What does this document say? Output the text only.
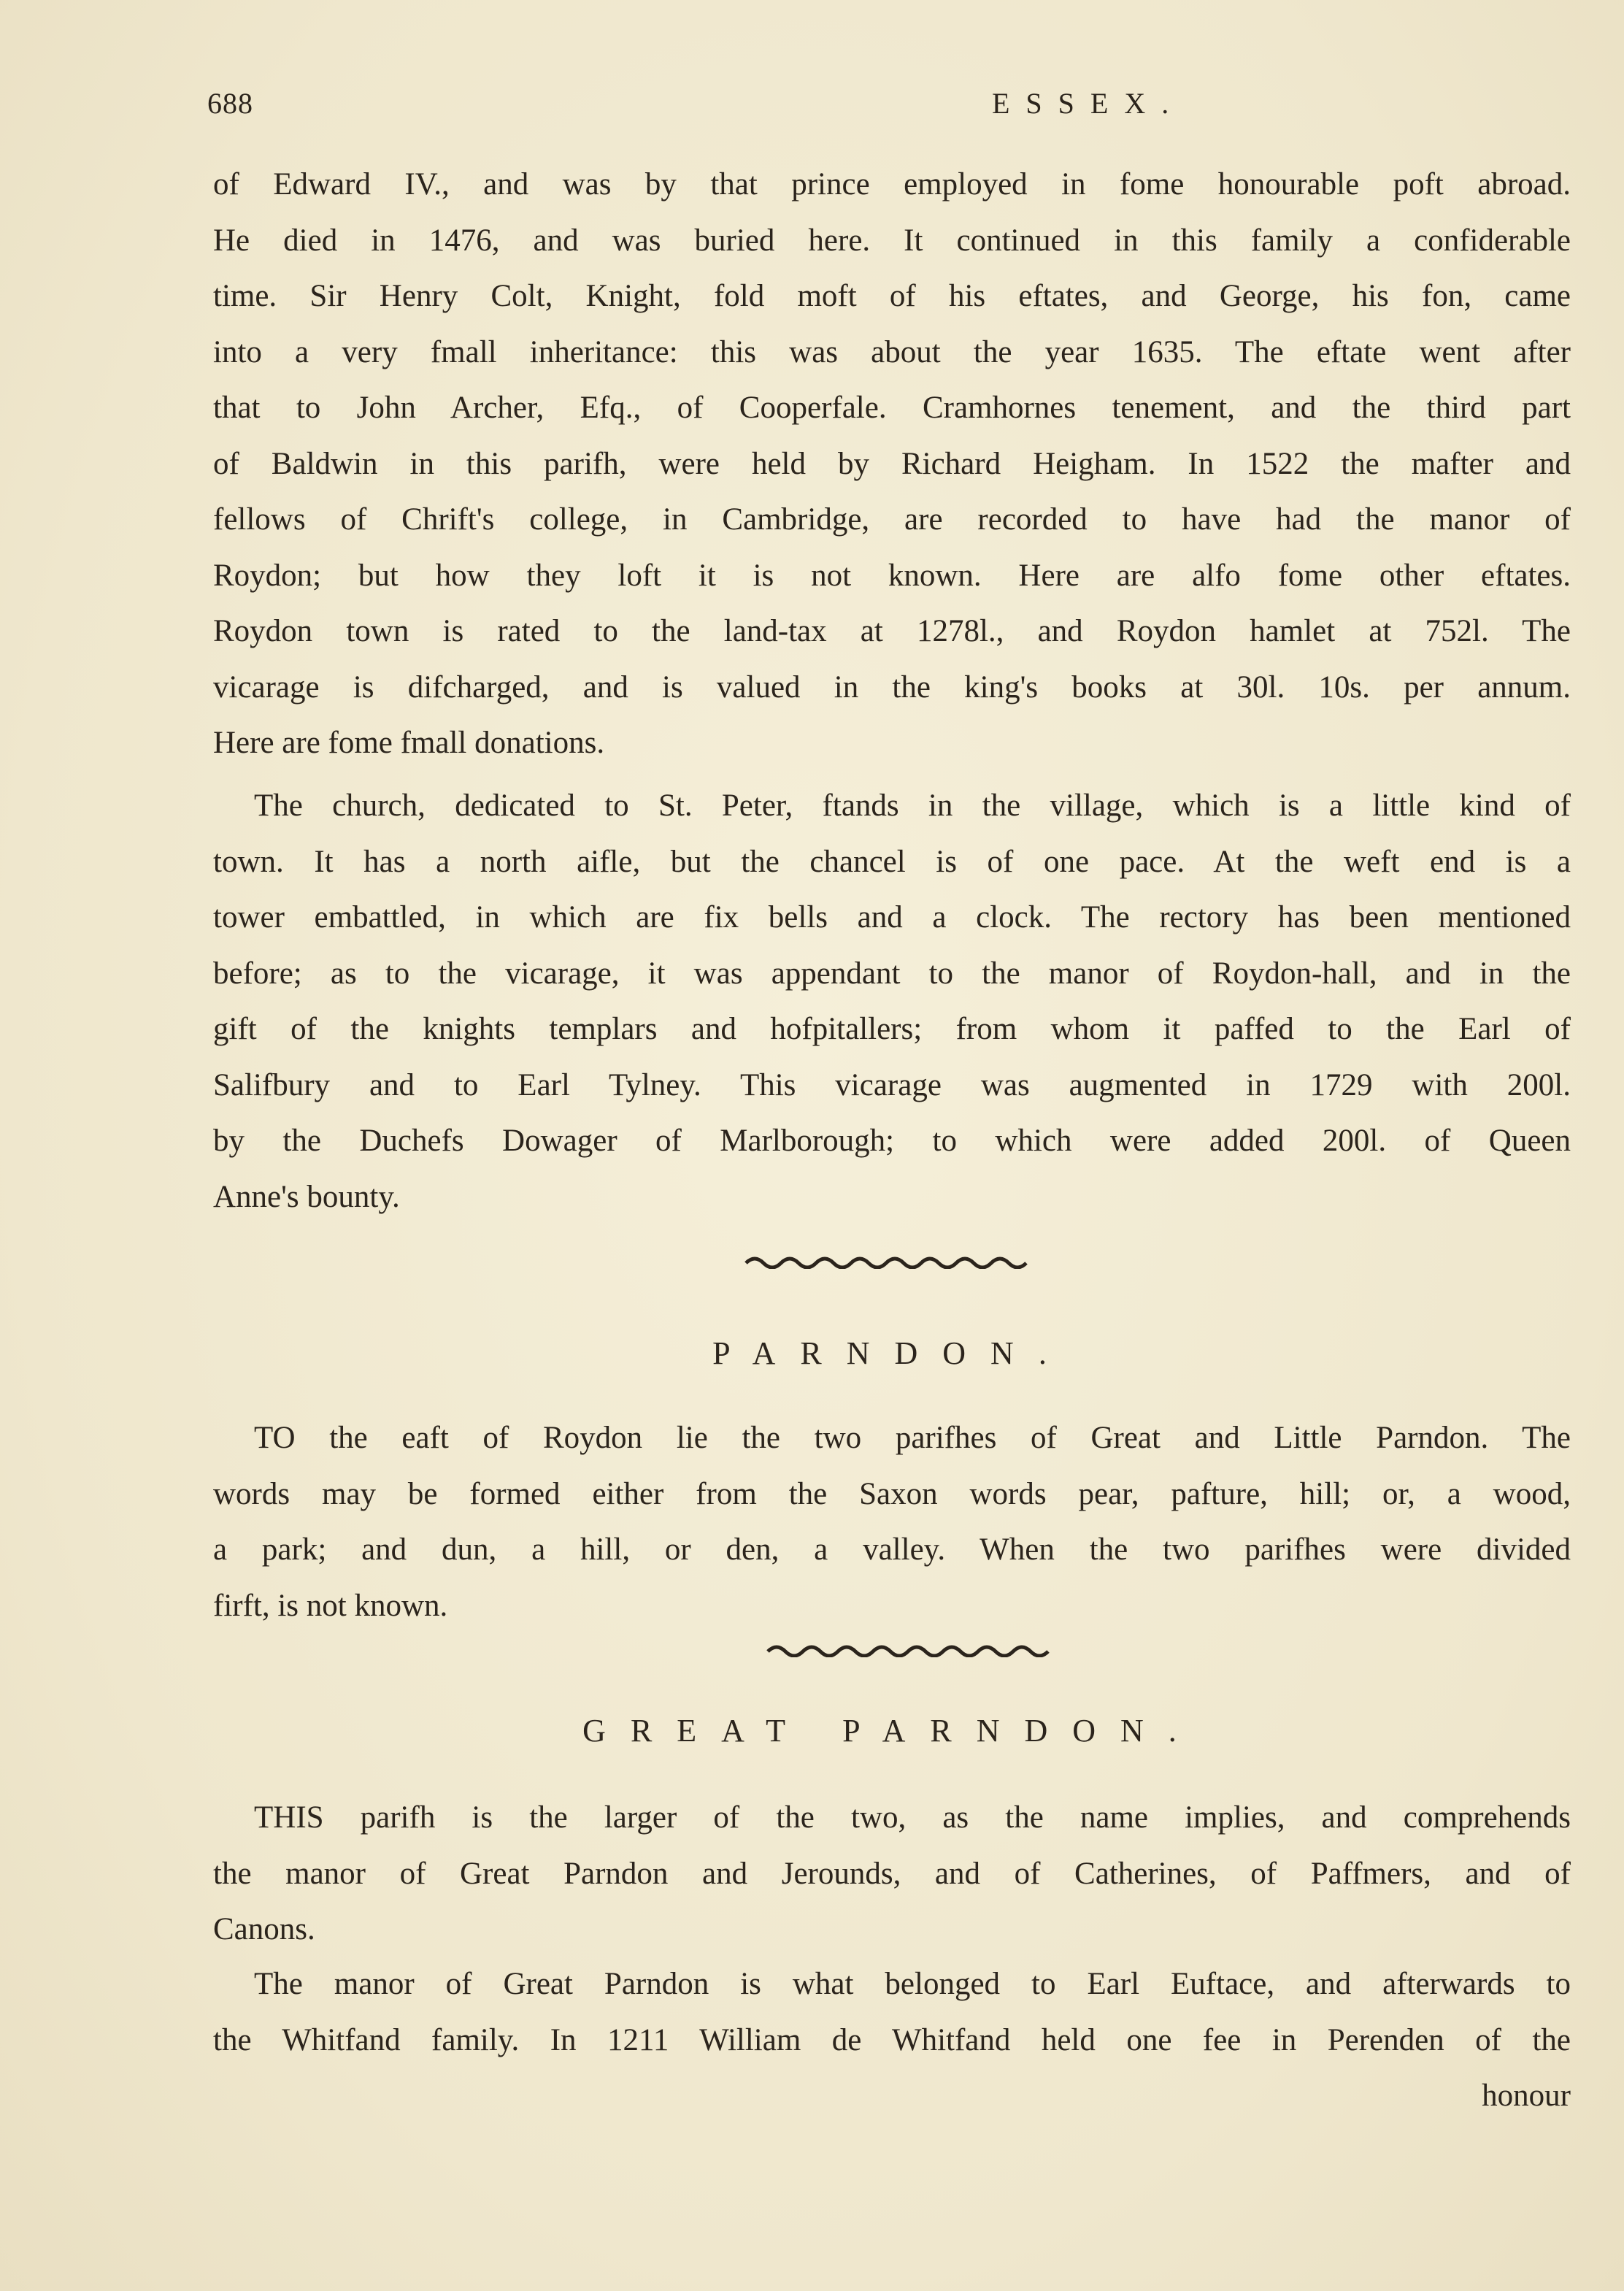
688	ESSEX.
of Edward IV., and was by that prince employed in fome honourable poft abroad.
He died in 1476, and was buried here. It continued in this family a confiderable
time. Sir Henry Colt, Knight, fold moft of his eftates, and George, his fon, came
into a very fmall inheritance: this was about the year 1635. The eftate went after
that to John Archer, Efq., of Cooperfale. Cramhornes tenement, and the third part
of Baldwin in this parifh, were held by Richard Heigham. In 1522 the mafter and
fellows of Chrift's college, in Cambridge, are recorded to have had the manor of
Roydon; but how they loft it is not known. Here are alfo fome other eftates.
Roydon town is rated to the land-tax at 1278l., and Roydon hamlet at 752l. The
vicarage is difcharged, and is valued in the king's books at 30l. 10s. per annum.
Here are fome fmall donations.
The church, dedicated to St. Peter, ftands in the village, which is a little kind of
town. It has a north aifle, but the chancel is of one pace. At the weft end is a
tower embattled, in which are fix bells and a clock. The rectory has been mentioned
before; as to the vicarage, it was appendant to the manor of Roydon-hall, and in the
gift of the knights templars and hofpitallers; from whom it paffed to the Earl of
Salifbury and to Earl Tylney. This vicarage was augmented in 1729 with 200l.
by the Duchefs Dowager of Marlborough; to which were added 200l. of Queen
Anne's bounty.
PARNDON.
TO the eaft of Roydon lie the two parifhes of Great and Little Parndon. The
words may be formed either from the Saxon words pear, pafture, hill; or, a wood,
a park; and dun, a hill, or den, a valley. When the two parifhes were divided
firft, is not known.
GREAT PARNDON.
THIS parifh is the larger of the two, as the name implies, and comprehends
the manor of Great Parndon and Jerounds, and of Catherines, of Paffmers, and of
Canons.
The manor of Great Parndon is what belonged to Earl Euftace, and afterwards to
the Whitfand family. In 1211 William de Whitfand held one fee in Perenden of the
honour
